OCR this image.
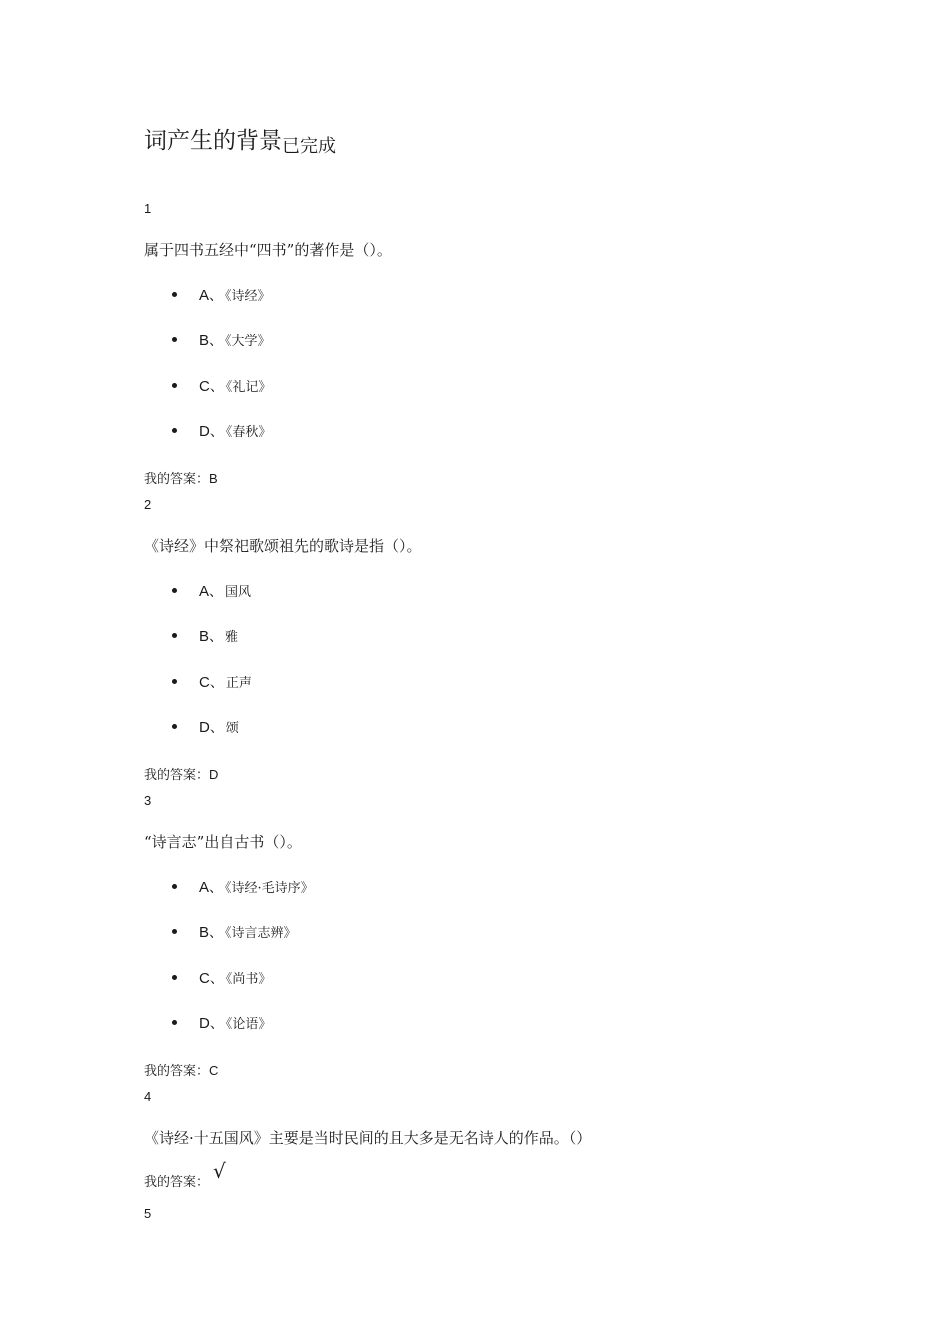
词产生的背景已完成
1
属于四书五经中“四书”的著作是（）。
A、 《诗经》
B、 《大学》
C、 《礼记》
D、 《春秋》
我的答案：B
2
《诗经》中祭祀歌颂祖先的歌诗是指（）。
A、 国风
B、 雅
C、 正声
D、 颂
我的答案：D
3
“诗言志”出自古书（）。
A、 《诗经·毛诗序》
B、 《诗言志辨》
C、 《尚书》
D、 《论语》
我的答案：C
4
《诗经·十五国风》主要是当时民间的且大多是无名诗人的作品。（）
我的答案： √
5
